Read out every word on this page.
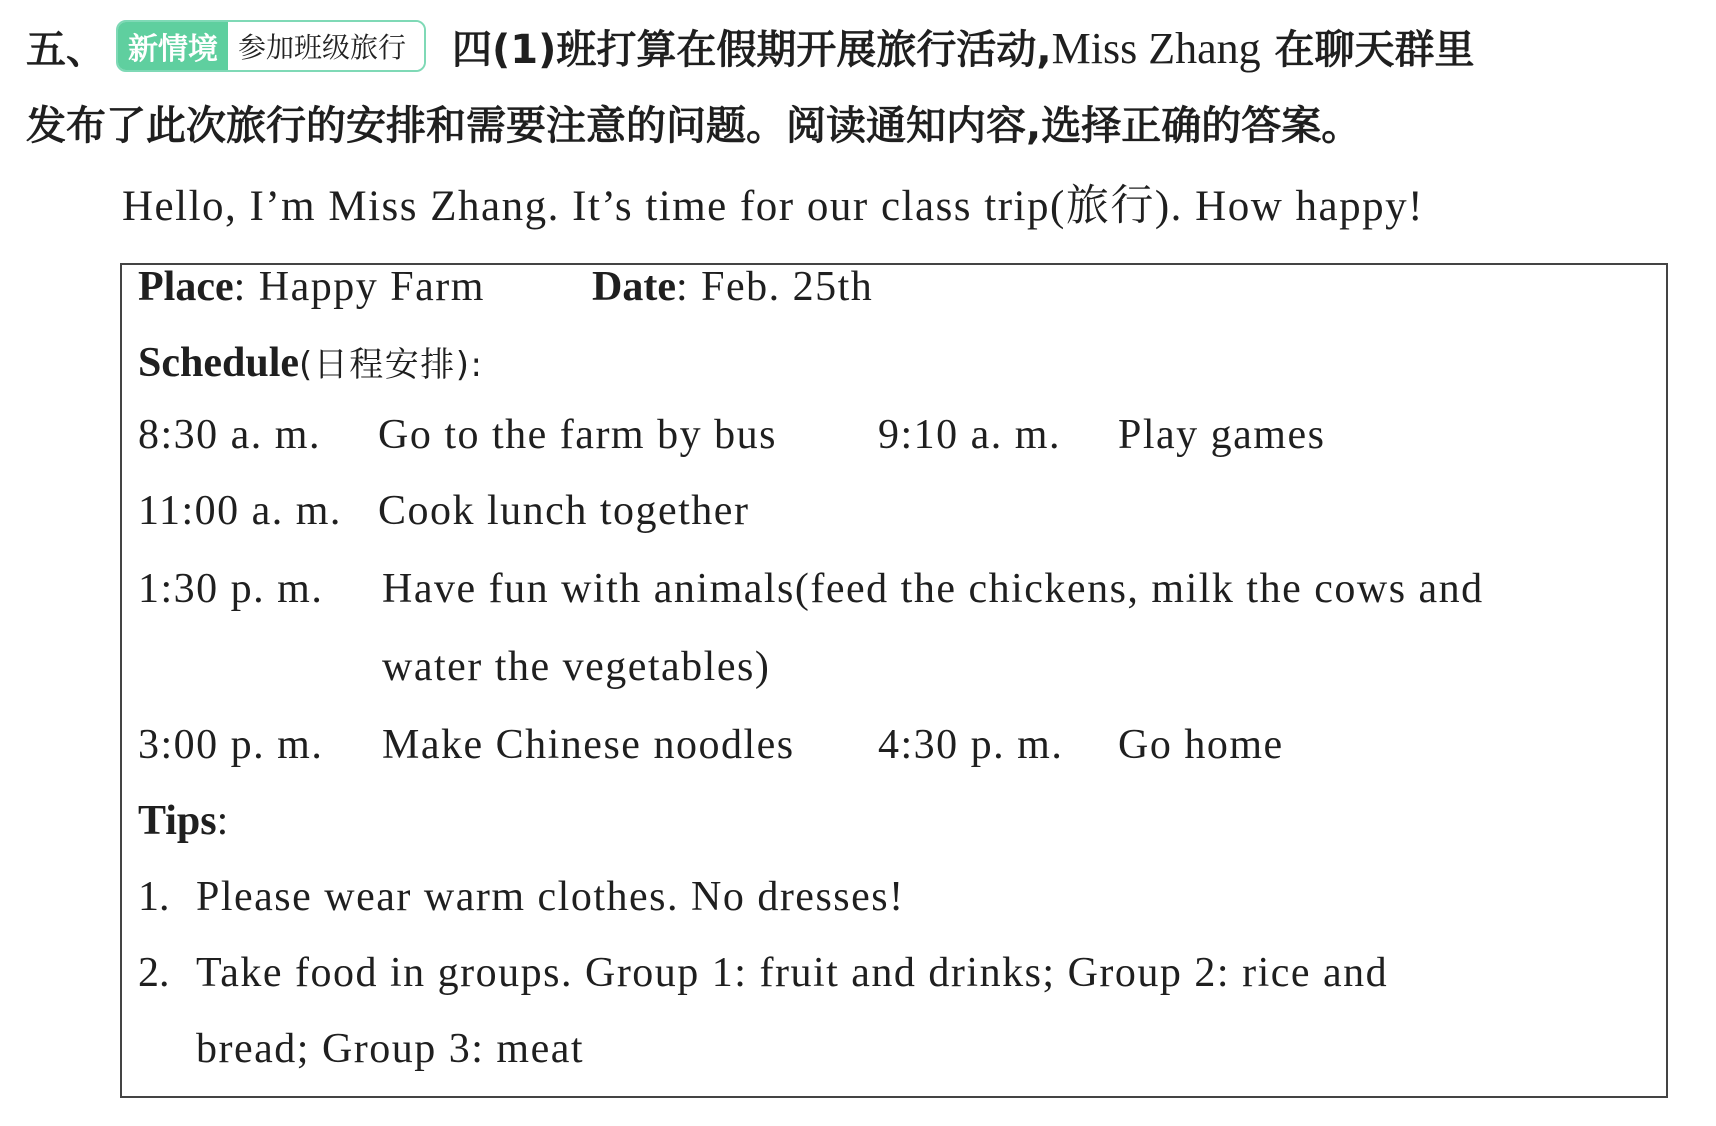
五、 新情境 参加班级旅行	四(1)班打算在假期开展旅行活动,Miss Zhang 在聊天群里
发布了此次旅行的安排和需要注意的问题。阅读通知内容,选择正确的答案。
Hello, I’m Miss Zhang. It’s time for our class trip(旅行). How happy!
Place: Happy Farm	Date: Feb. 25th
Schedule(日程安排):
8:30 a. m. Go to the farm by bus 9:10 a. m. Play games
11:00 a. m. Cook lunch together
1:30 p. m. Have fun with animals(feed the chickens, milk the cows and
water the vegetables)
3:00 p. m. Make Chinese noodles 4:30 p. m. Go home
Tips:
1. Please wear warm clothes. No dresses!
2. Take food in groups. Group 1: fruit and drinks; Group 2: rice and
bread; Group 3: meat
